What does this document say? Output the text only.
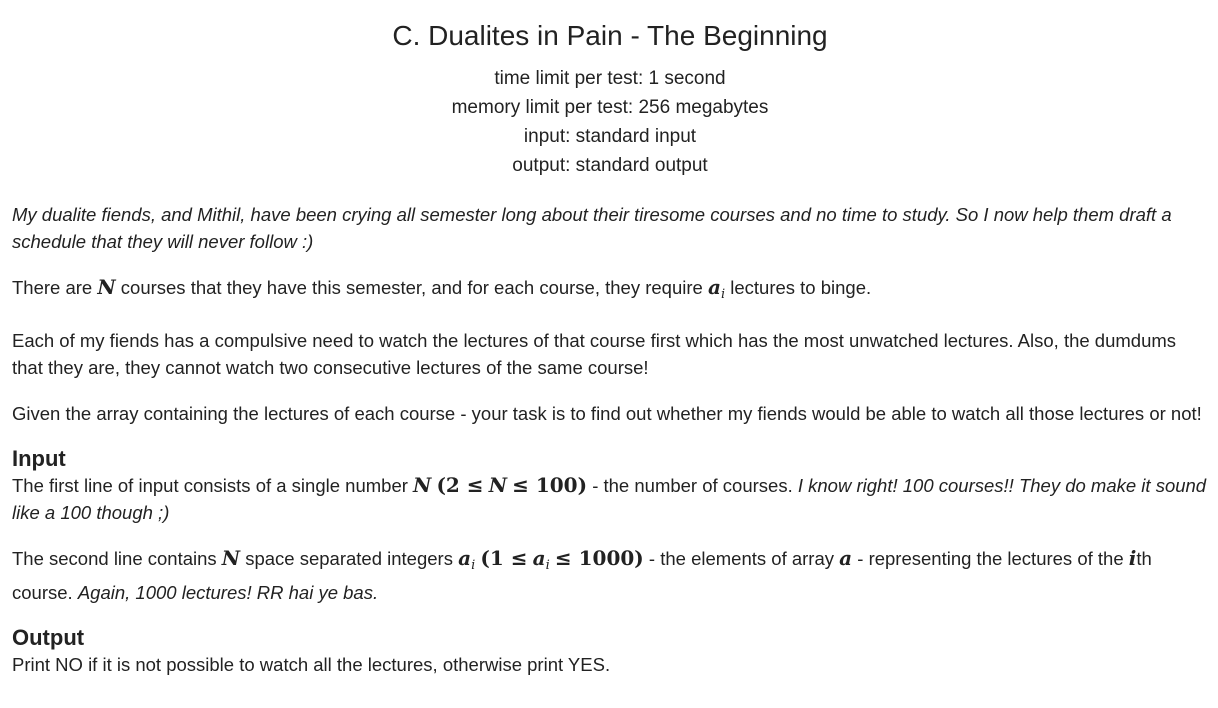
C. Dualites in Pain - The Beginning
time limit per test: 1 second
memory limit per test: 256 megabytes
input: standard input
output: standard output

My dualite fiends, and Mithil, have been crying all semester long about their tiresome courses and no time to study. So I now help them draft a schedule that they will never follow :)

There are N courses that they have this semester, and for each course, they require $a_i$ lectures to binge.

Each of my fiends has a compulsive need to watch the lectures of that course first which has the most unwatched lectures. Also, the dumdums that they are, they cannot watch two consecutive lectures of the same course!

Given the array containing the lectures of each course - your task is to find out whether my fiends would be able to watch all those lectures or not!

Input

The first line of input consists of a single number N (2 ≤ N ≤ 100) - the number of courses. I know right! 100 courses!! They do make it sound like a 100 though ;)

The second line contains N space separated integers $a_i$ $(1 \le a_i \le 1000)$ - the elements of array a - representing the lectures of the ith course. Again, 1000 lectures! RR hai ye bas.

Output

Print NO if it is not possible to watch all the lectures, otherwise print YES.
